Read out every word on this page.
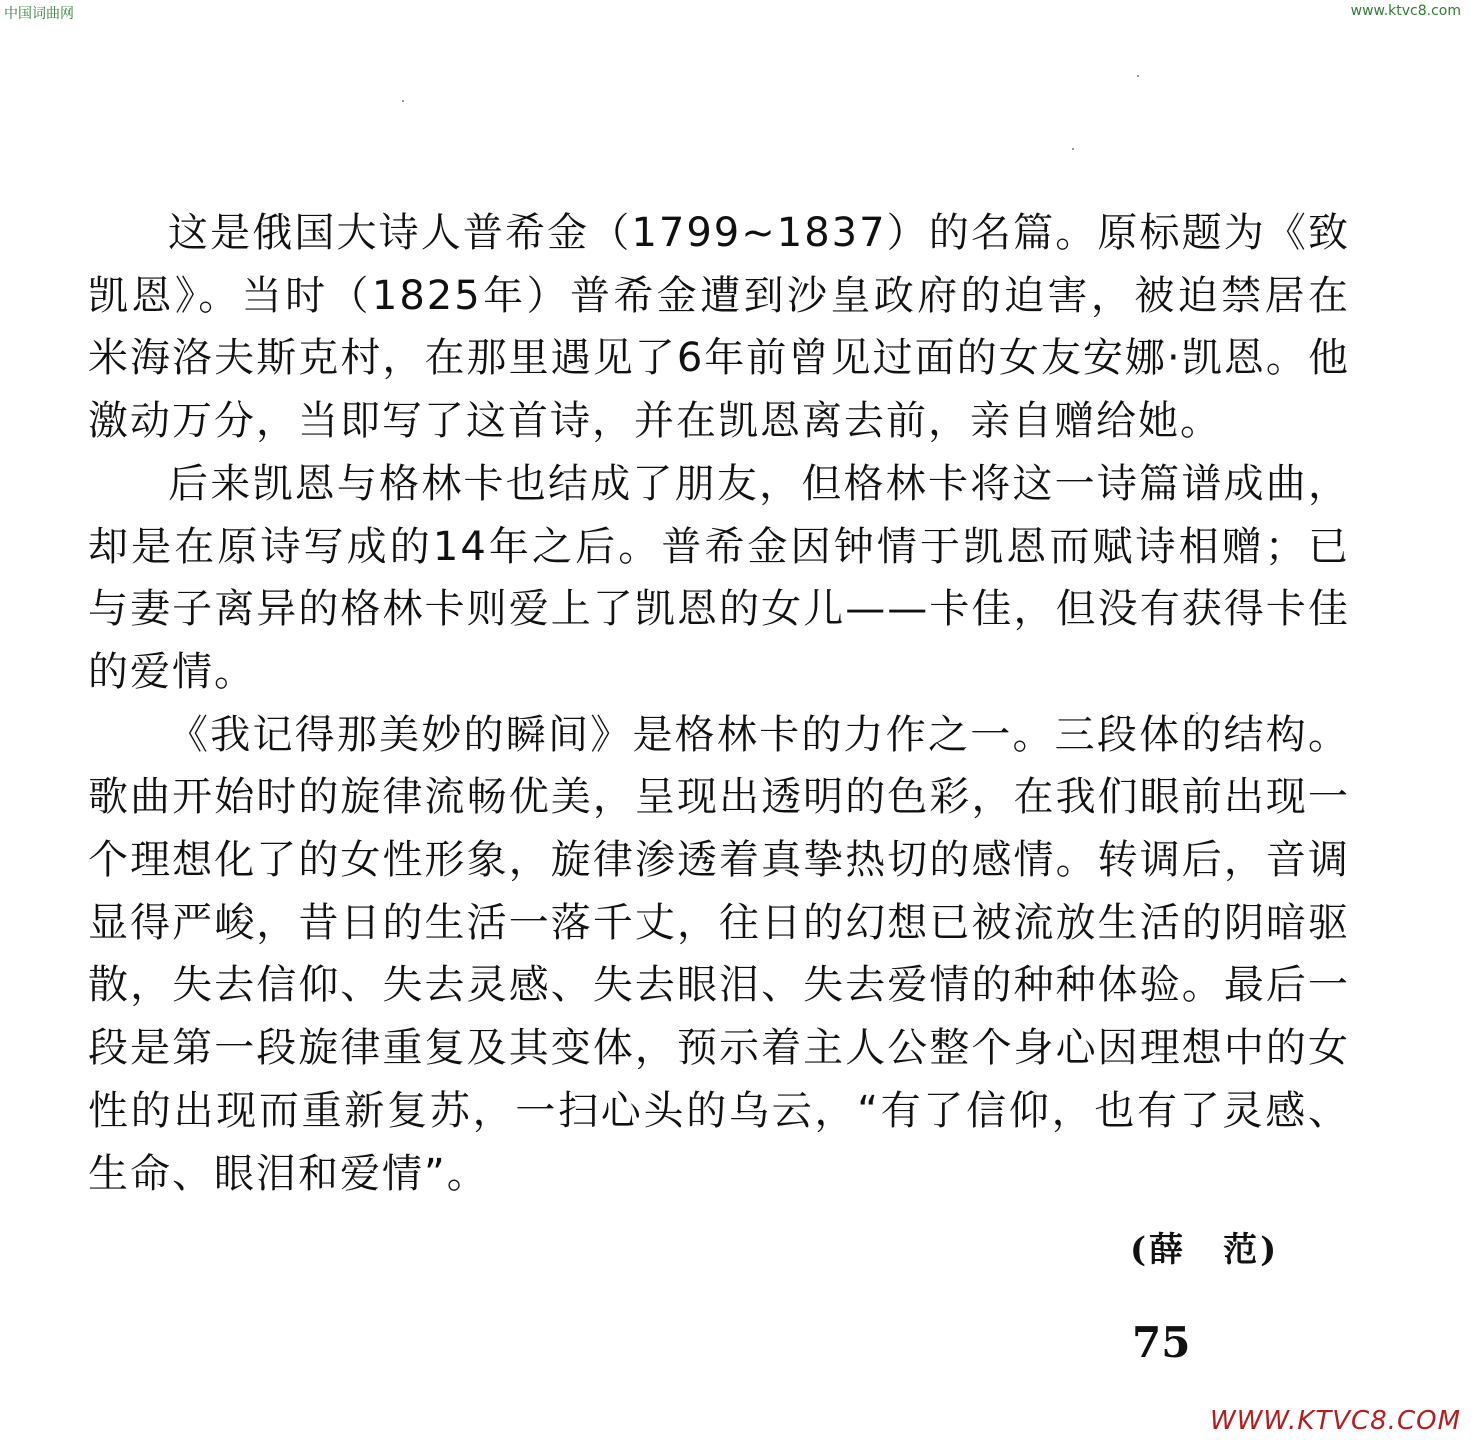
中国词曲网	www.ktvc8.com

这是俄国大诗人普希金（1799~1837）的名篇。原标题为《致凯恩》。当时（1825年）普希金遭到沙皇政府的迫害，被迫禁居在米海洛夫斯克村，在那里遇见了6年前曾见过面的女友安娜·凯恩。他激动万分，当即写了这首诗，并在凯恩离去前，亲自赠给她。

后来凯恩与格林卡也结成了朋友，但格林卡将这一诗篇谱成曲，却是在原诗写成的14年之后。普希金因钟情于凯恩而赋诗相赠；已与妻子离异的格林卡则爱上了凯恩的女儿——卡佳，但没有获得卡佳的爱情。

《我记得那美妙的瞬间》是格林卡的力作之一。三段体的结构。歌曲开始时的旋律流畅优美，呈现出透明的色彩，在我们眼前出现一个理想化了的女性形象，旋律渗透着真挚热切的感情。转调后，音调显得严峻，昔日的生活一落千丈，往日的幻想已被流放生活的阴暗驱散，失去信仰、失去灵感、失去眼泪、失去爱情的种种体验。最后一段是第一段旋律重复及其变体，预示着主人公整个身心因理想中的女性的出现而重新复苏，一扫心头的乌云，“有了信仰，也有了灵感、生命、眼泪和爱情”。

(薛　范)
75
WWW.KTVC8.COM
